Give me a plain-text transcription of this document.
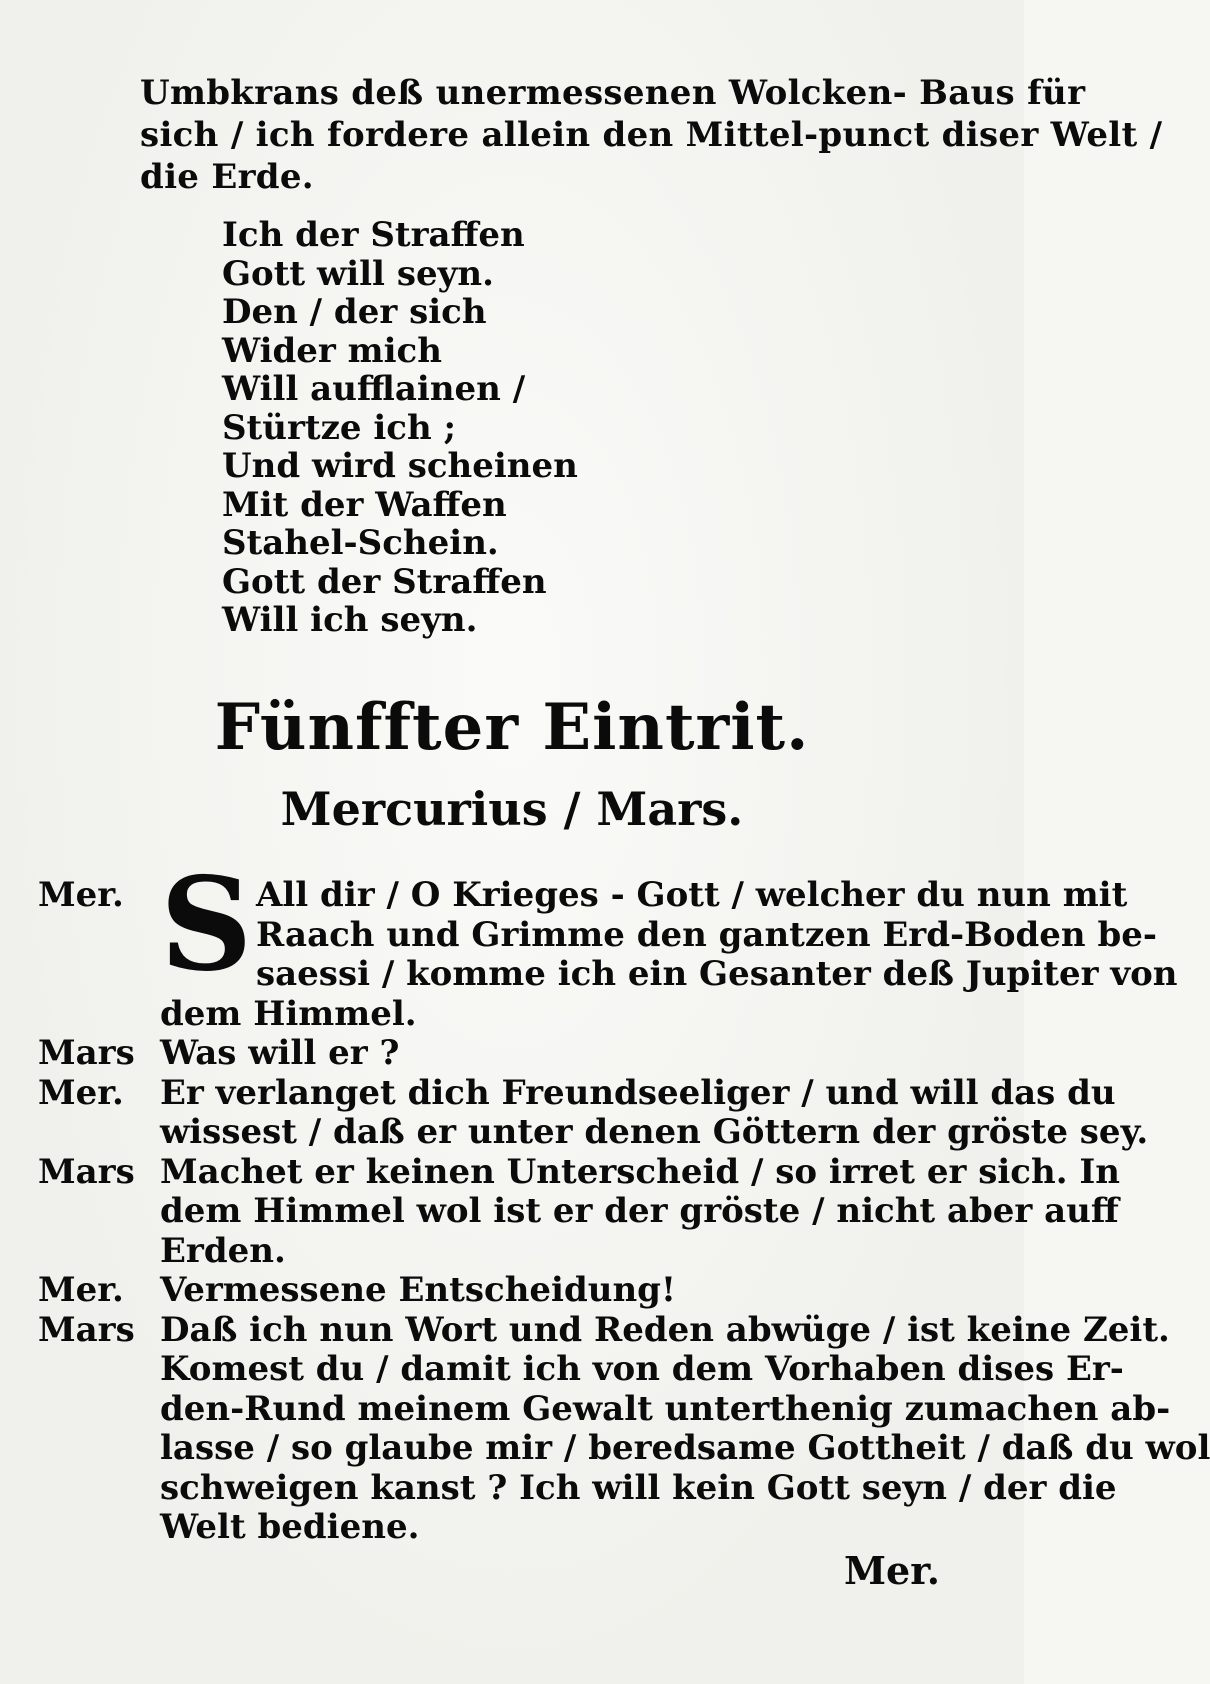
Umbkrans deß unermessenen Wolcken- Baus für
sich / ich fordere allein den Mittel-punct diser Welt /
die Erde.
Ich der Straffen
Gott will seyn.
Den / der sich
Wider mich
Will aufflainen /
Stürtze ich ;
Und wird scheinen
Mit der Waffen
Stahel-Schein.
Gott der Straffen
Will ich seyn.
Fünffter Eintrit.
Mercurius / Mars.
Mer. S All dir / O Krieges - Gott / welcher du nun mit
Raach und Grimme den gantzen Erd-Boden be-
saessi / komme ich ein Gesanter deß Jupiter von
dem Himmel.
Mars Was will er ?
Mer.	Er verlanget dich Freundseeliger / und will das du
wissest / daß er unter denen Göttern der gröste sey.
Mars Machet er keinen Unterscheid / so irret er sich. In
dem Himmel wol ist er der gröste / nicht aber auff
Erden.
Mer.	Vermessene Entscheidung!
Mars Daß ich nun Wort und Reden abwüge / ist keine Zeit.
Komest du / damit ich von dem Vorhaben dises Er-
den-Rund meinem Gewalt unterthenig zumachen ab-
lasse / so glaube mir / beredsame Gottheit / daß du wol
schweigen kanst ? Ich will kein Gott seyn / der die
Welt bediene.
Mer.
